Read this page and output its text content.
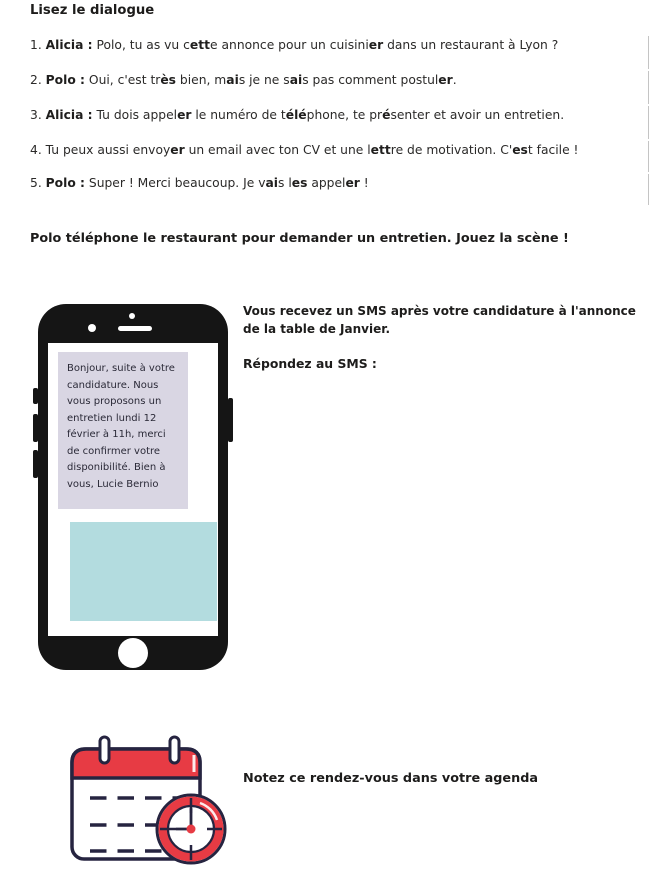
Lisez le dialogue
1. Alicia : Polo, tu as vu cette annonce pour un cuisinier dans un restaurant à Lyon ?
2. Polo : Oui, c'est très bien, mais je ne sais pas comment postuler.
3. Alicia : Tu dois appeler le numéro de téléphone, te présenter et avoir un entretien.
4. Tu peux aussi envoyer un email avec ton CV et une lettre de motivation. C'est facile !
5. Polo : Super ! Merci beaucoup. Je vais les appeler !
Polo téléphone le restaurant pour demander un entretien. Jouez la scène !
Bonjour, suite à votre candidature. Nous vous proposons un entretien lundi 12 février à 11h, merci de confirmer votre disponibilité. Bien à vous, Lucie Bernio
Vous recevez un SMS après votre candidature à l'annonce
de la table de Janvier.
Répondez au SMS :
Notez ce rendez-vous dans votre agenda
